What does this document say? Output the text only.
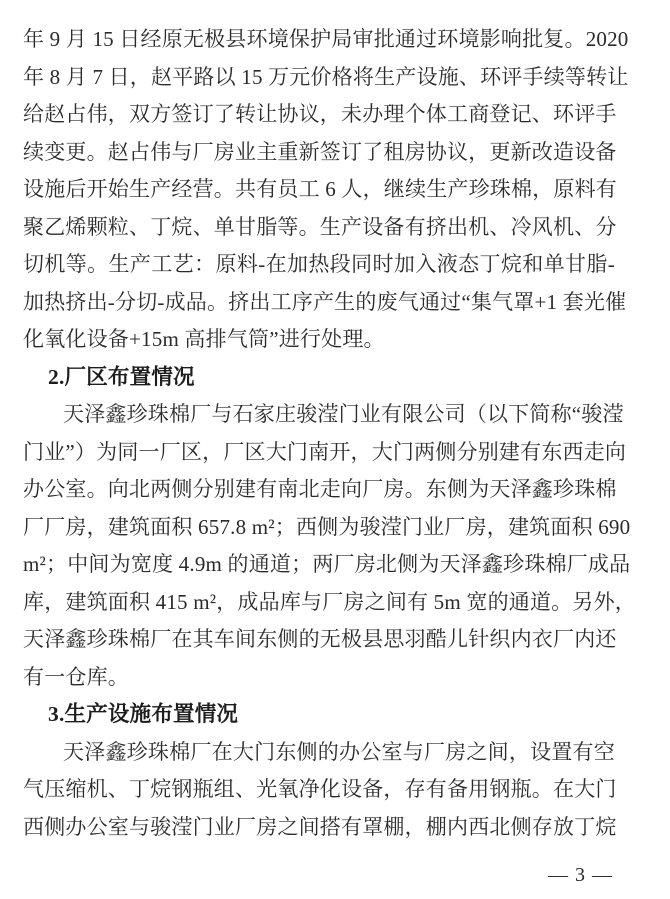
年 9 月 15 日经原无极县环境保护局审批通过环境影响批复。2020
年 8 月 7 日，赵平路以 15 万元价格将生产设施、环评手续等转让
给赵占伟，双方签订了转让协议，未办理个体工商登记、环评手
续变更。赵占伟与厂房业主重新签订了租房协议，更新改造设备
设施后开始生产经营。共有员工 6 人，继续生产珍珠棉，原料有
聚乙烯颗粒、丁烷、单甘脂等。生产设备有挤出机、冷风机、分
切机等。生产工艺：原料-在加热段同时加入液态丁烷和单甘脂-
加热挤出-分切-成品。挤出工序产生的废气通过“集气罩+1 套光催
化氧化设备+15m 高排气筒”进行处理。
2.厂区布置情况
天泽鑫珍珠棉厂与石家庄骏滢门业有限公司（以下简称“骏滢
门业”）为同一厂区，厂区大门南开，大门两侧分别建有东西走向
办公室。向北两侧分别建有南北走向厂房。东侧为天泽鑫珍珠棉
厂厂房，建筑面积 657.8 m²；西侧为骏滢门业厂房，建筑面积 690
m²；中间为宽度 4.9m 的通道；两厂房北侧为天泽鑫珍珠棉厂成品
库，建筑面积 415 m²，成品库与厂房之间有 5m 宽的通道。另外，
天泽鑫珍珠棉厂在其车间东侧的无极县思羽酷儿针织内衣厂内还
有一仓库。
3.生产设施布置情况
天泽鑫珍珠棉厂在大门东侧的办公室与厂房之间，设置有空
气压缩机、丁烷钢瓶组、光氧净化设备，存有备用钢瓶。在大门
西侧办公室与骏滢门业厂房之间搭有罩棚，棚内西北侧存放丁烷
— 3 —
